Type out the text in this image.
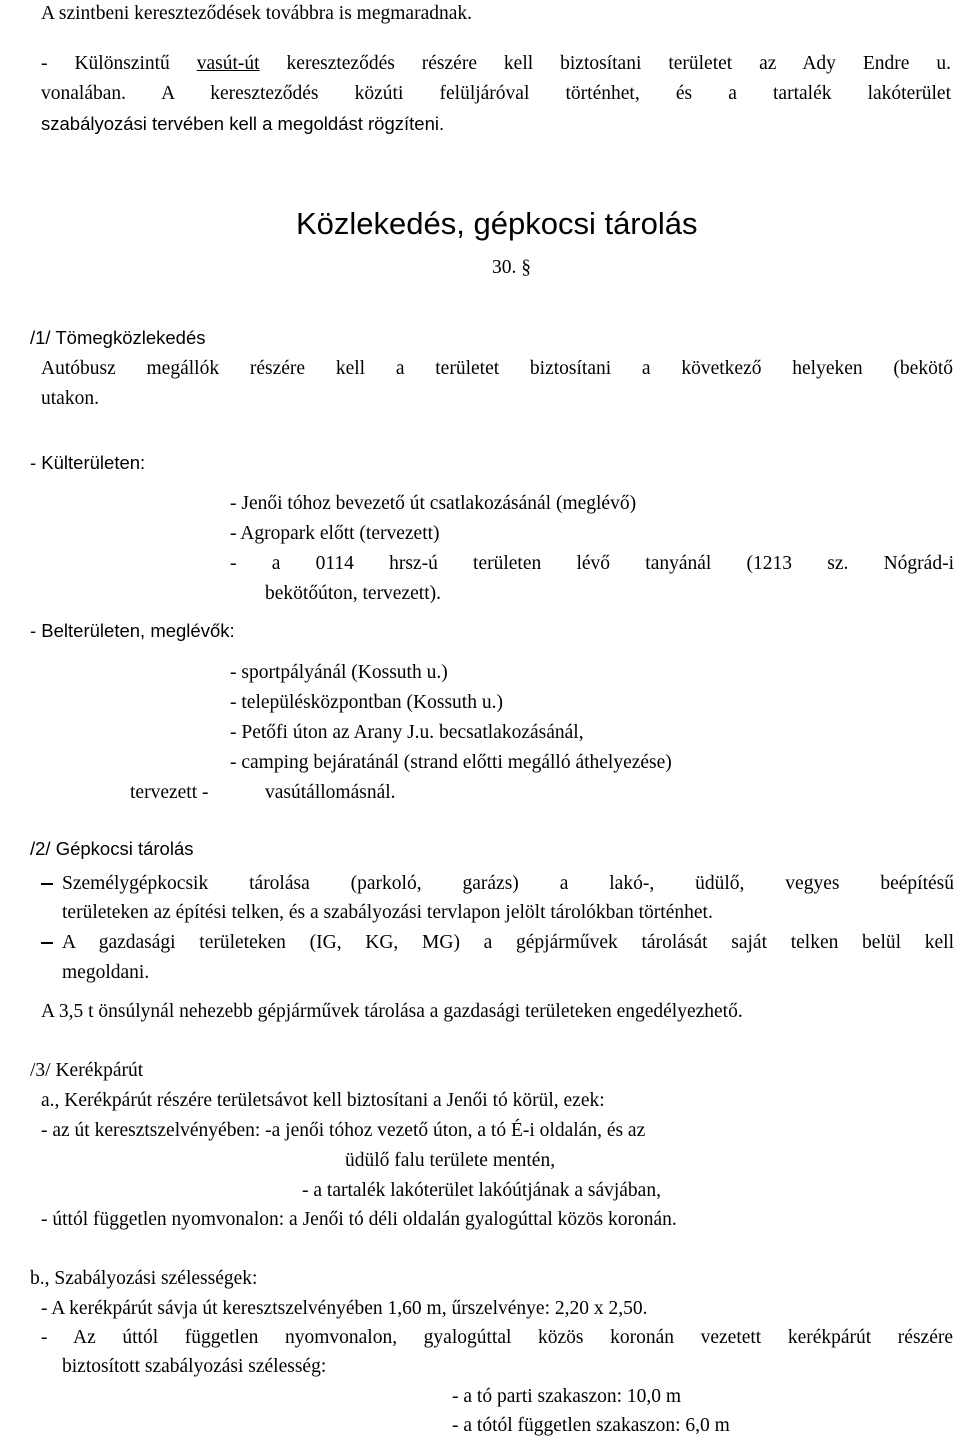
A szintbeni kereszteződések továbbra is megmaradnak.
- Különszintű vasút-út kereszteződés részére kell biztosítani területet az Ady Endre u.
vonalában. A kereszteződés közúti felüljáróval történhet, és a tartalék lakóterület
szabályozási tervében kell a megoldást rögzíteni.
Közlekedés, gépkocsi tárolás
30. §
/1/ Tömegközlekedés
Autóbusz megállók részére kell a területet biztosítani a következő helyeken (bekötő
utakon.
- Külterületen:
- Jenői tóhoz bevezető út csatlakozásánál (meglévő)
- Agropark előtt (tervezett)
- a 0114 hrsz-ú területen lévő tanyánál (1213 sz. Nógrád-i
bekötőúton, tervezett).
- Belterületen, meglévők:
- sportpályánál (Kossuth u.)
- településközpontban (Kossuth u.)
- Petőfi úton az Arany J.u. becsatlakozásánál,
- camping bejáratánál (strand előtti megálló áthelyezése)
tervezett -	vasútállomásnál.
/2/ Gépkocsi tárolás
Személygépkocsik tárolása (parkoló, garázs) a lakó-, üdülő, vegyes beépítésű
területeken az építési telken, és a szabályozási tervlapon jelölt tárolókban történhet.
A gazdasági területeken (IG, KG, MG) a gépjárművek tárolását saját telken belül kell
megoldani.
A 3,5 t önsúlynál nehezebb gépjárművek tárolása a gazdasági területeken engedélyezhető.
/3/ Kerékpárút
a., Kerékpárút részére területsávot kell biztosítani a Jenői tó körül, ezek:
- az út keresztszelvényében: -a jenői tóhoz vezető úton, a tó É-i oldalán, és az
üdülő falu területe mentén,
- a tartalék lakóterület lakóútjának a sávjában,
- úttól független nyomvonalon: a Jenői tó déli oldalán gyalogúttal közös koronán.
b., Szabályozási szélességek:
- A kerékpárút sávja út keresztszelvényében 1,60 m, űrszelvénye: 2,20 x 2,50.
- Az úttól független nyomvonalon, gyalogúttal közös koronán vezetett kerékpárút részére
biztosított szabályozási szélesség:
- a tó parti szakaszon: 10,0 m
- a tótól független szakaszon: 6,0 m
